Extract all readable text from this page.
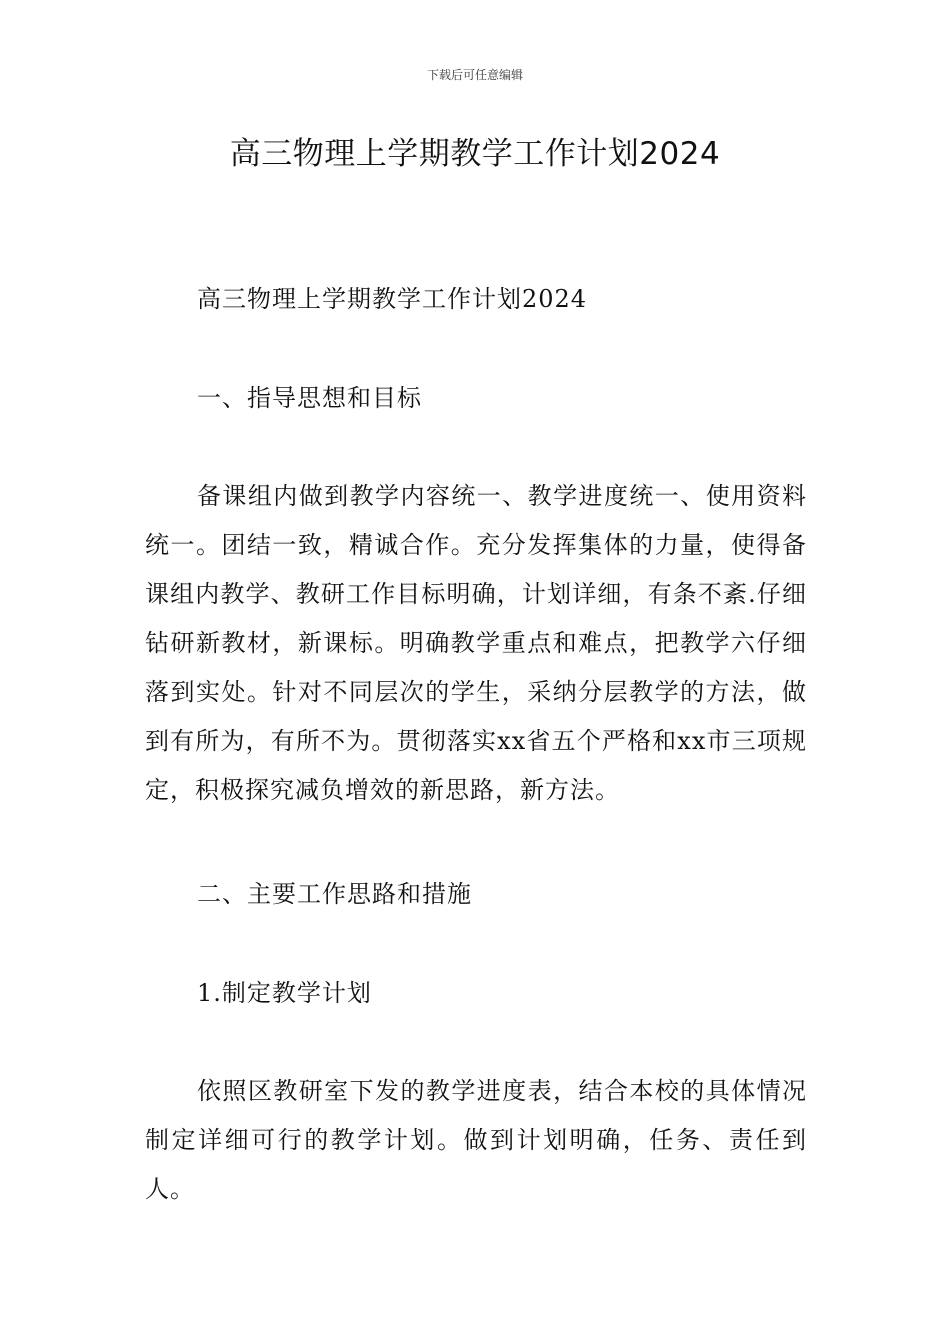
下载后可任意编辑
高三物理上学期教学工作计划2024

高三物理上学期教学工作计划2024

一、指导思想和目标

备课组内做到教学内容统一、教学进度统一、使用资料统一。团结一致，精诚合作。充分发挥集体的力量，使得备课组内教学、教研工作目标明确，计划详细，有条不紊.仔细钻研新教材，新课标。明确教学重点和难点，把教学六仔细落到实处。针对不同层次的学生，采纳分层教学的方法，做到有所为，有所不为。贯彻落实xx省五个严格和xx市三项规定，积极探究减负增效的新思路，新方法。

二、主要工作思路和措施

1.制定教学计划

依照区教研室下发的教学进度表，结合本校的具体情况制定详细可行的教学计划。做到计划明确，任务、责任到人。
